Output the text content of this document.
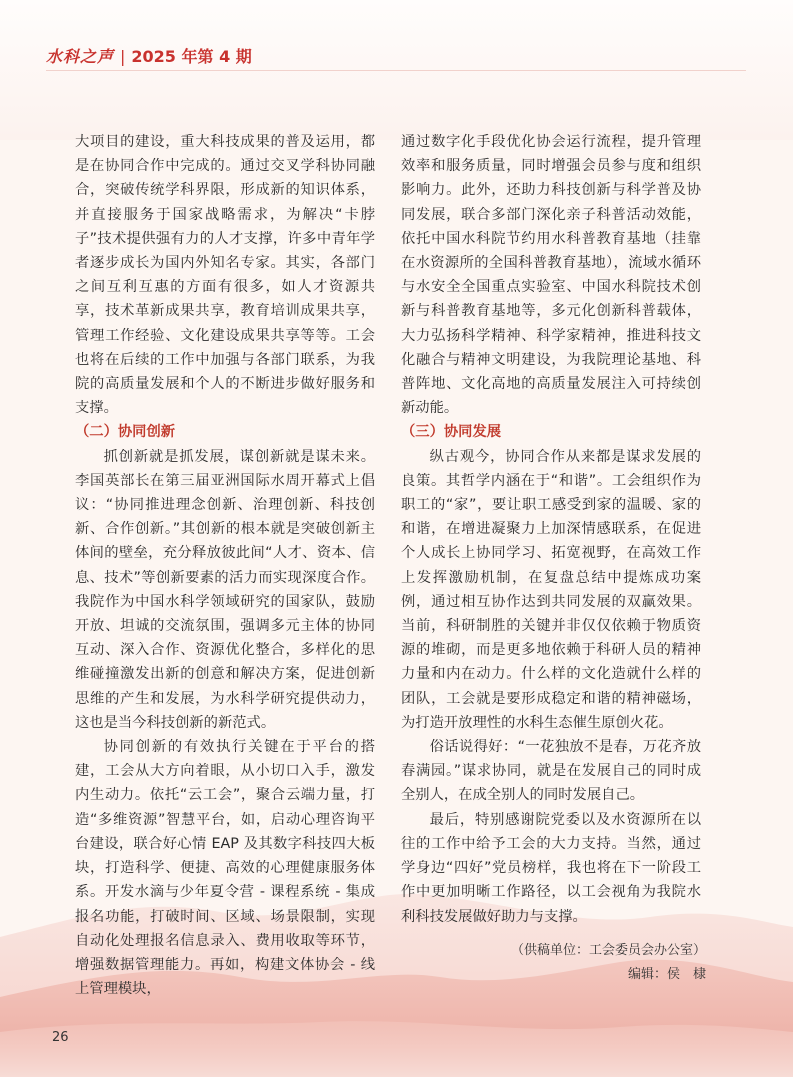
水科之声 | 2025 年第 4 期

大项目的建设，重大科技成果的普及运用，都是在协同合作中完成的。通过交叉学科协同融合，突破传统学科界限，形成新的知识体系，并直接服务于国家战略需求，为解决“卡脖子”技术提供强有力的人才支撑，许多中青年学者逐步成长为国内外知名专家。其实，各部门之间互利互惠的方面有很多，如人才资源共享，技术革新成果共享，教育培训成果共享，管理工作经验、文化建设成果共享等等。工会也将在后续的工作中加强与各部门联系，为我院的高质量发展和个人的不断进步做好服务和支撑。

（二）协同创新

抓创新就是抓发展，谋创新就是谋未来。李国英部长在第三届亚洲国际水周开幕式上倡议：“协同推进理念创新、治理创新、科技创新、合作创新。”其创新的根本就是突破创新主体间的壁垒，充分释放彼此间“人才、资本、信息、技术”等创新要素的活力而实现深度合作。我院作为中国水科学领域研究的国家队，鼓励开放、坦诚的交流氛围，强调多元主体的协同互动、深入合作、资源优化整合，多样化的思维碰撞激发出新的创意和解决方案，促进创新思维的产生和发展，为水科学研究提供动力，这也是当今科技创新的新范式。

协同创新的有效执行关键在于平台的搭建，工会从大方向着眼，从小切口入手，激发内生动力。依托“云工会”，聚合云端力量，打造“多维资源”智慧平台，如，启动心理咨询平台建设，联合好心情 EAP 及其数字科技四大板块，打造科学、便捷、高效的心理健康服务体系。开发水滴与少年夏令营 - 课程系统 - 集成报名功能，打破时间、区域、场景限制，实现自动化处理报名信息录入、费用收取等环节，增强数据管理能力。再如，构建文体协会 - 线上管理模块，

通过数字化手段优化协会运行流程，提升管理效率和服务质量，同时增强会员参与度和组织影响力。此外，还助力科技创新与科学普及协同发展，联合多部门深化亲子科普活动效能，依托中国水科院节约用水科普教育基地（挂靠在水资源所的全国科普教育基地），流域水循环与水安全全国重点实验室、中国水科院技术创新与科普教育基地等，多元化创新科普载体，大力弘扬科学精神、科学家精神，推进科技文化融合与精神文明建设，为我院理论基地、科普阵地、文化高地的高质量发展注入可持续创新动能。

（三）协同发展

纵古观今，协同合作从来都是谋求发展的良策。其哲学内涵在于“和谐”。工会组织作为职工的“家”，要让职工感受到家的温暖、家的和谐，在增进凝聚力上加深情感联系，在促进个人成长上协同学习、拓宽视野，在高效工作上发挥激励机制，在复盘总结中提炼成功案例，通过相互协作达到共同发展的双赢效果。当前，科研制胜的关键并非仅仅依赖于物质资源的堆砌，而是更多地依赖于科研人员的精神力量和内在动力。什么样的文化造就什么样的团队，工会就是要形成稳定和谐的精神磁场，为打造开放理性的水科生态催生原创火花。

俗话说得好：“一花独放不是春，万花齐放春满园。”谋求协同，就是在发展自己的同时成全别人，在成全别人的同时发展自己。

最后，特别感谢院党委以及水资源所在以往的工作中给予工会的大力支持。当然，通过学身边“四好”党员榜样，我也将在下一阶段工作中更加明晰工作路径，以工会视角为我院水利科技发展做好助力与支撑。

（供稿单位：工会委员会办公室）
编辑：侯　棣
26
